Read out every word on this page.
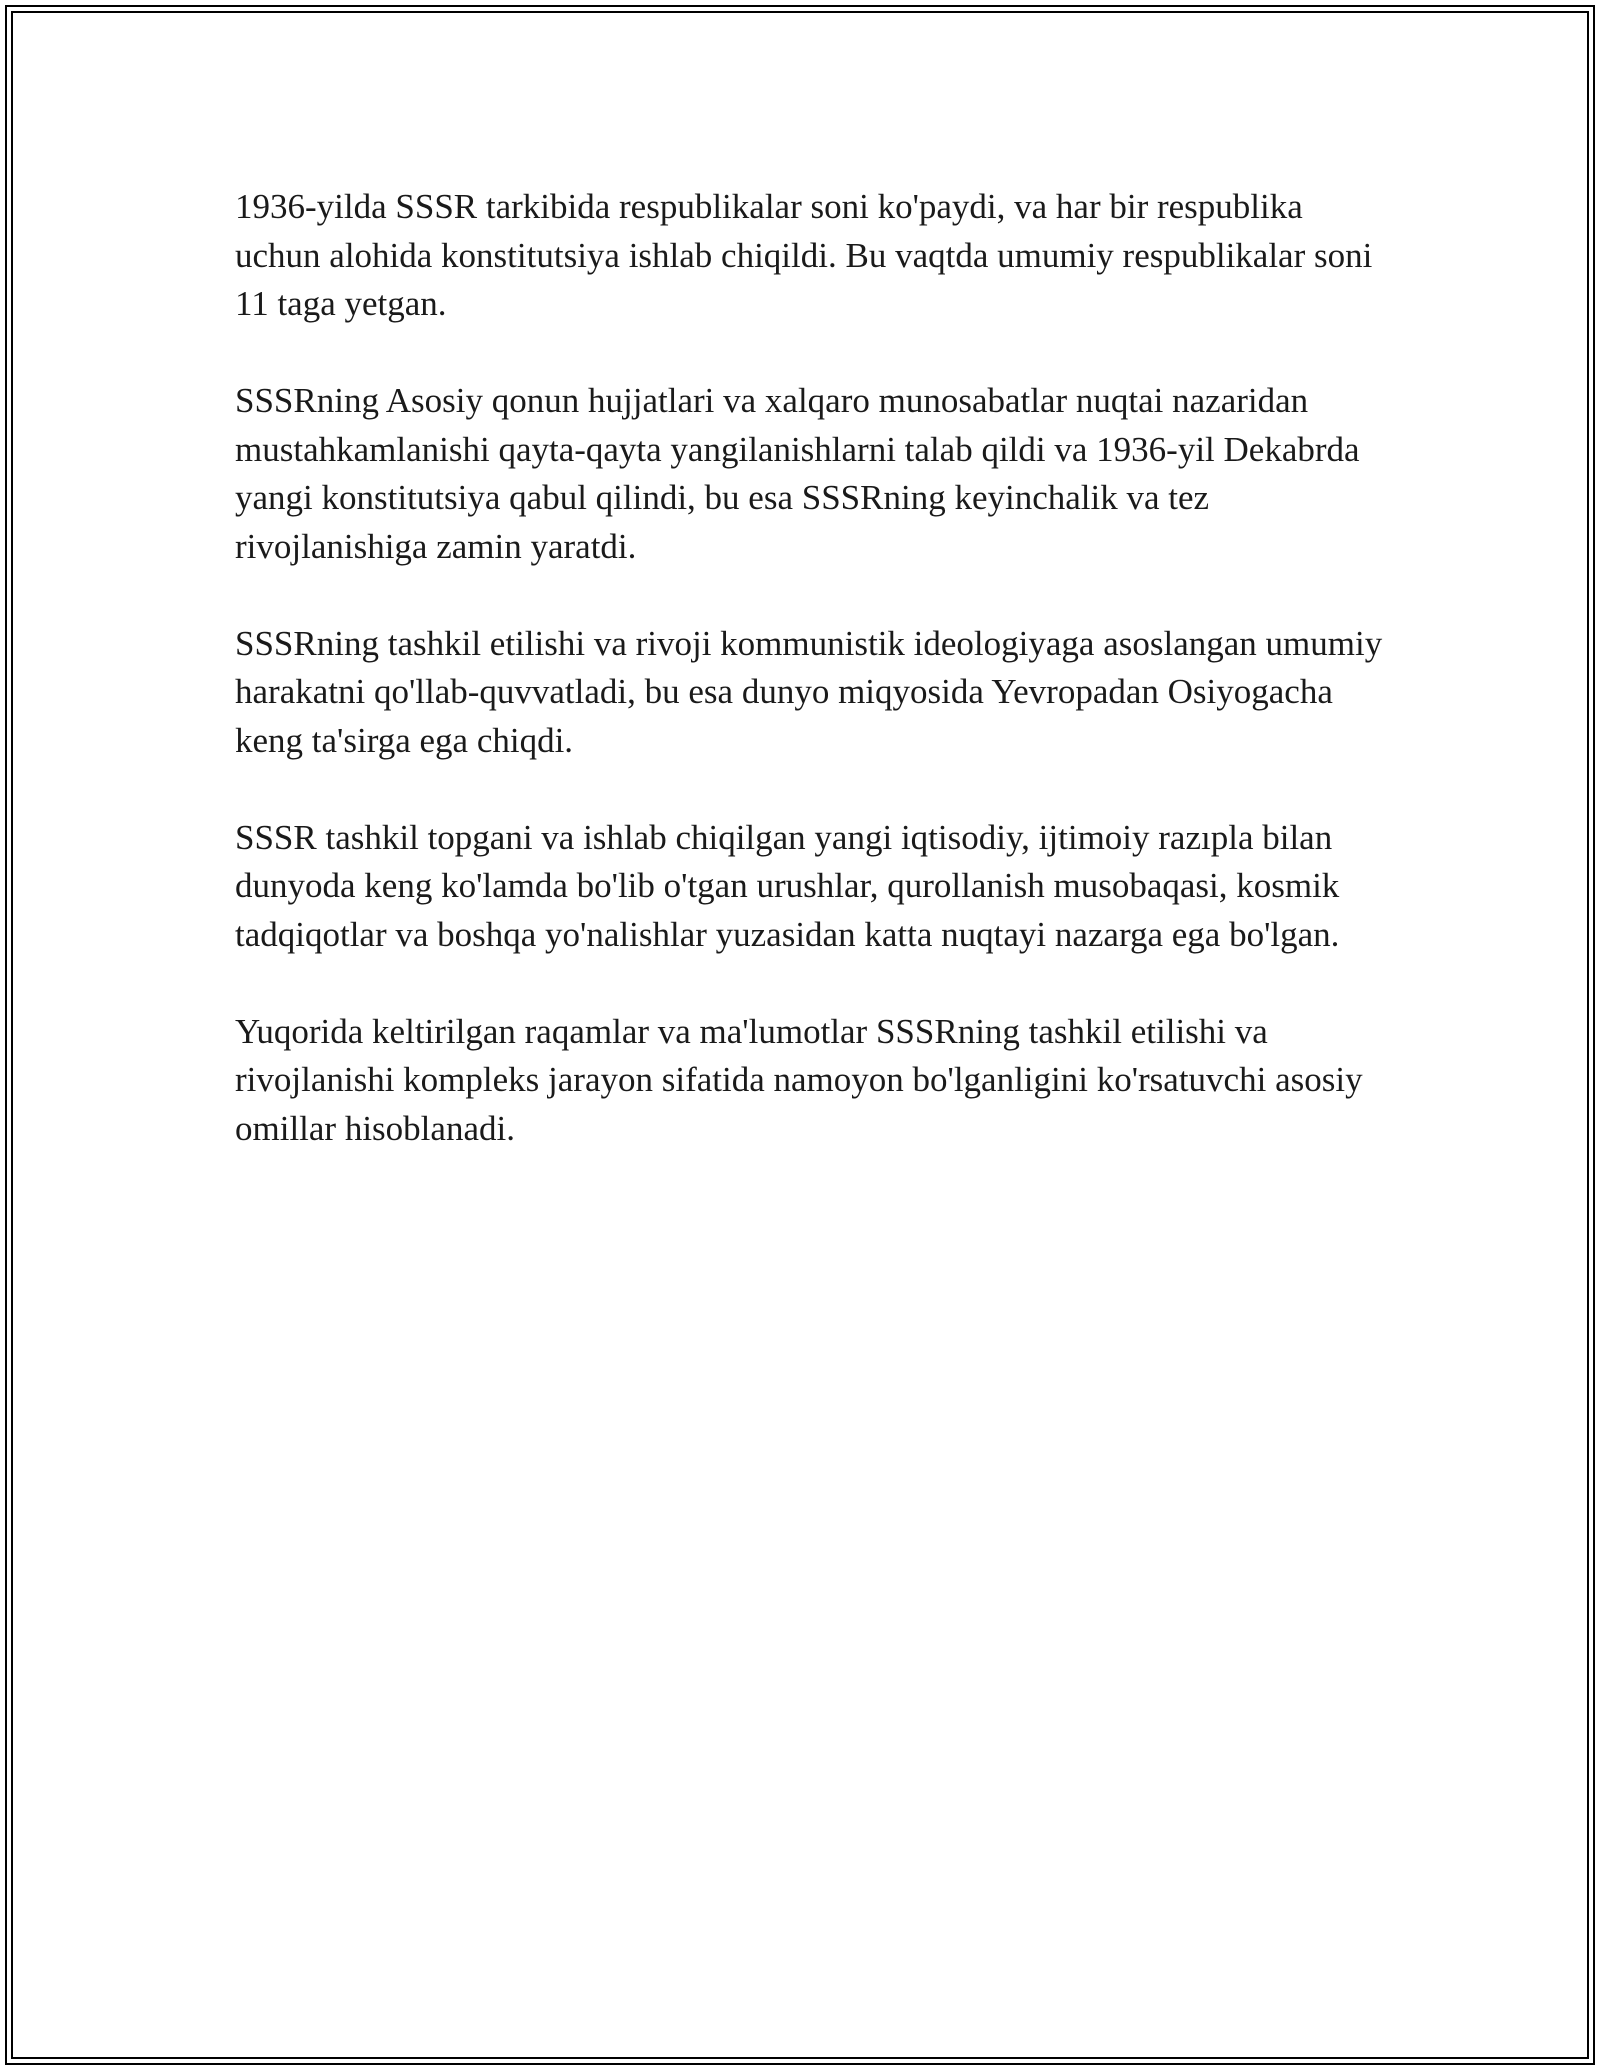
1936-yilda SSSR tarkibida respublikalar soni ko'paydi, va har bir respublika uchun alohida konstitutsiya ishlab chiqildi. Bu vaqtda umumiy respublikalar soni 11 taga yetgan.

SSSRning Asosiy qonun hujjatlari va xalqaro munosabatlar nuqtai nazaridan mustahkamlanishi qayta-qayta yangilanishlarni talab qildi va 1936-yil Dekabrda yangi konstitutsiya qabul qilindi, bu esa SSSRning keyinchalik va tez rivojlanishiga zamin yaratdi.

SSSRning tashkil etilishi va rivoji kommunistik ideologiyaga asoslangan umumiy harakatni qo'llab-quvvatladi, bu esa dunyo miqyosida Yevropadan Osiyogacha keng ta'sirga ega chiqdi.

SSSR tashkil topgani va ishlab chiqilgan yangi iqtisodiy, ijtimoiy razıpla bilan dunyoda keng ko'lamda bo'lib o'tgan urushlar, qurollanish musobaqasi, kosmik tadqiqotlar va boshqa yo'nalishlar yuzasidan katta nuqtayi nazarga ega bo'lgan.

Yuqorida keltirilgan raqamlar va ma'lumotlar SSSRning tashkil etilishi va rivojlanishi kompleks jarayon sifatida namoyon bo'lganligini ko'rsatuvchi asosiy omillar hisoblanadi.
